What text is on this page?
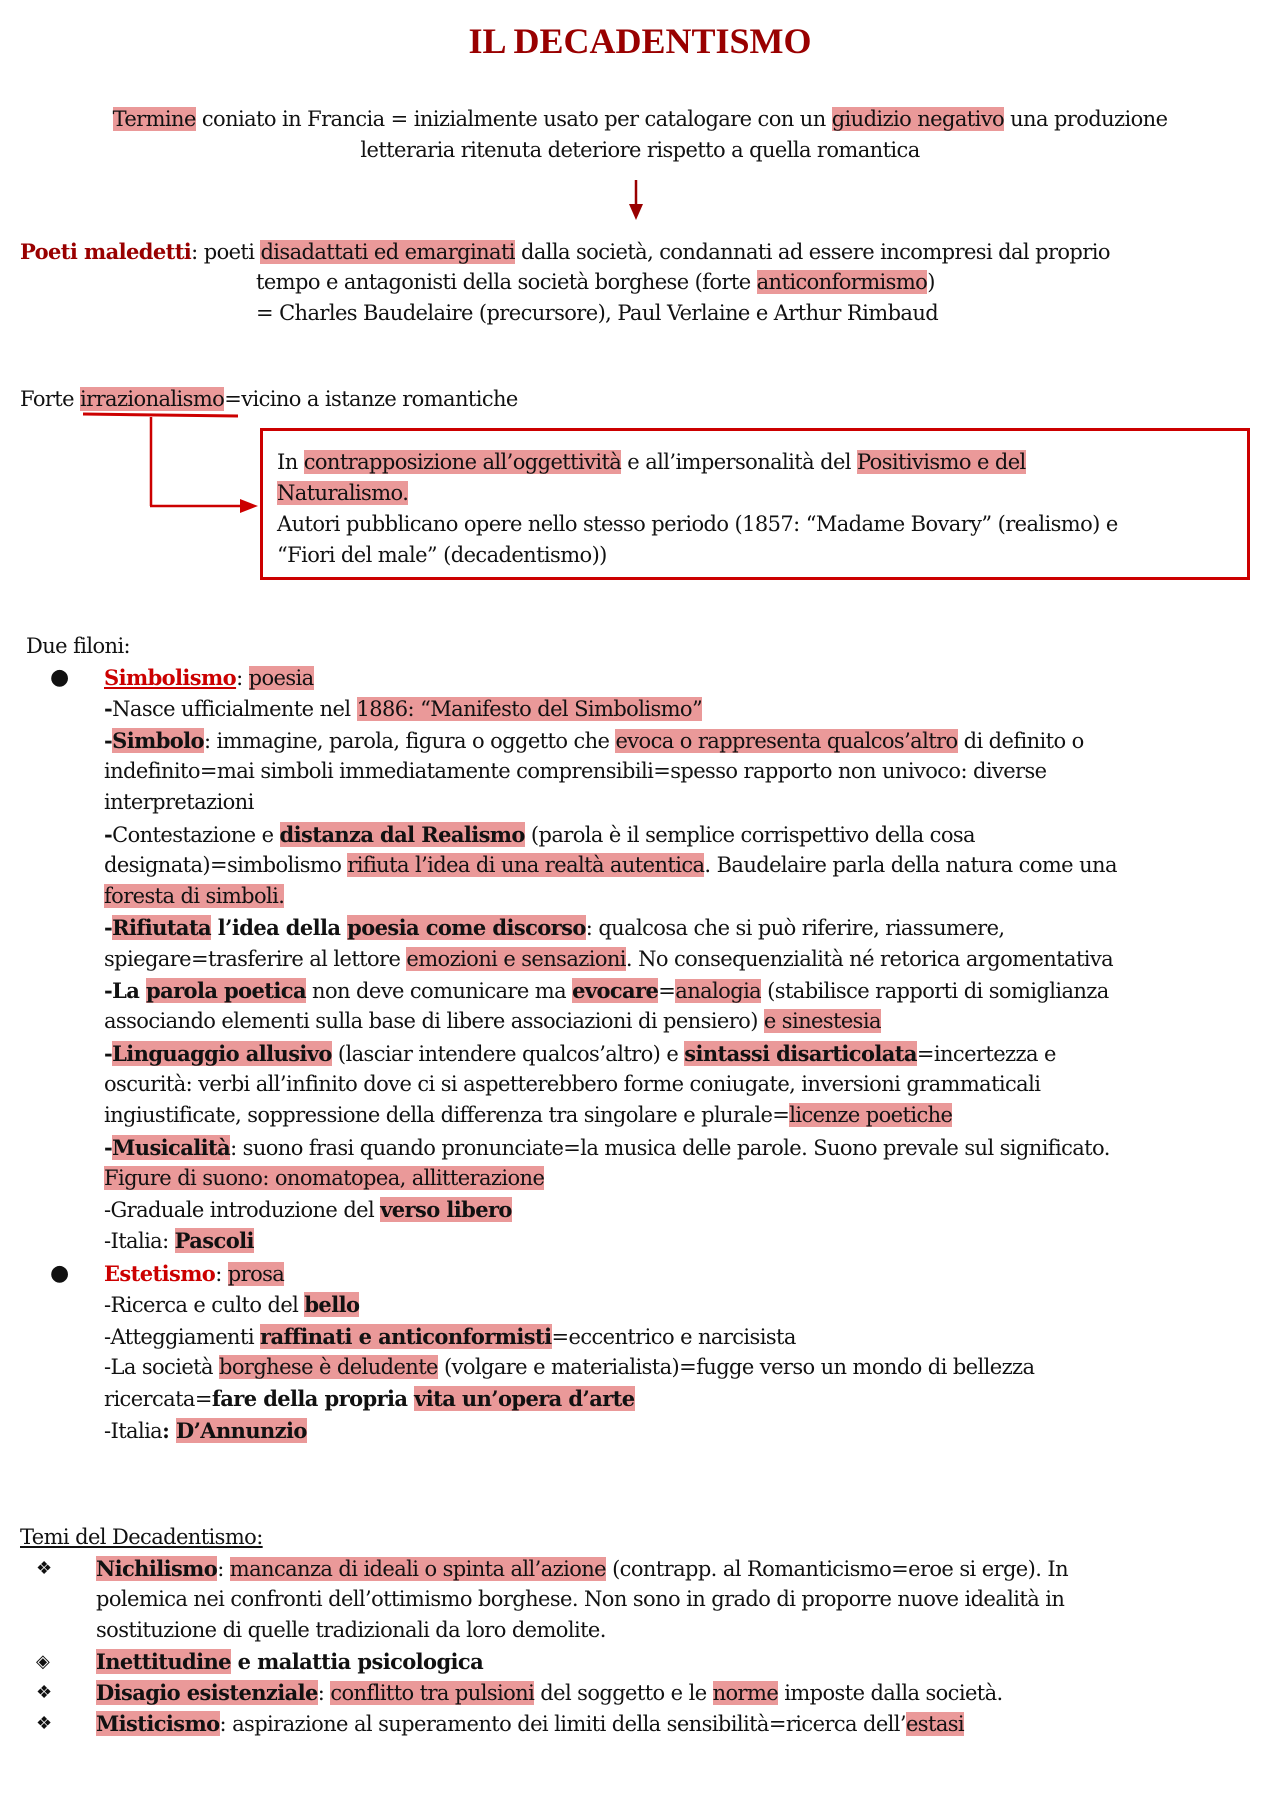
IL DECADENTISMO
Termine coniato in Francia = inizialmente usato per catalogare con un giudizio negativo una produzione
letteraria ritenuta deteriore rispetto a quella romantica
Poeti maledetti: poeti disadattati ed emarginati dalla società, condannati ad essere incompresi dal proprio
tempo e antagonisti della società borghese (forte anticonformismo)
= Charles Baudelaire (precursore), Paul Verlaine e Arthur Rimbaud
Forte irrazionalismo=vicino a istanze romantiche
In contrapposizione all’oggettività e all’impersonalità del Positivismo e del
Naturalismo.
Autori pubblicano opere nello stesso periodo (1857: “Madame Bovary” (realismo) e
“Fiori del male” (decadentismo))
Due filoni:
● Simbolismo: poesia
-Nasce ufficialmente nel 1886: “Manifesto del Simbolismo”
-Simbolo: immagine, parola, figura o oggetto che evoca o rappresenta qualcos’altro di definito o
indefinito=mai simboli immediatamente comprensibili=spesso rapporto non univoco: diverse
interpretazioni
-Contestazione e distanza dal Realismo (parola è il semplice corrispettivo della cosa
designata)=simbolismo rifiuta l’idea di una realtà autentica. Baudelaire parla della natura come una
foresta di simboli.
-Rifiutata l’idea della poesia come discorso: qualcosa che si può riferire, riassumere,
spiegare=trasferire al lettore emozioni e sensazioni. No consequenzialità né retorica argomentativa
-La parola poetica non deve comunicare ma evocare=analogia (stabilisce rapporti di somiglianza
associando elementi sulla base di libere associazioni di pensiero) e sinestesia
-Linguaggio allusivo (lasciar intendere qualcos’altro) e sintassi disarticolata=incertezza e
oscurità: verbi all’infinito dove ci si aspetterebbero forme coniugate, inversioni grammaticali
ingiustificate, soppressione della differenza tra singolare e plurale=licenze poetiche
-Musicalità: suono frasi quando pronunciate=la musica delle parole. Suono prevale sul significato.
Figure di suono: onomatopea, allitterazione
-Graduale introduzione del verso libero
-Italia: Pascoli
● Estetismo: prosa
-Ricerca e culto del bello
-Atteggiamenti raffinati e anticonformisti=eccentrico e narcisista
-La società borghese è deludente (volgare e materialista)=fugge verso un mondo di bellezza
ricercata=fare della propria vita un’opera d’arte
-Italia: D’Annunzio
Temi del Decadentismo:
❖ Nichilismo: mancanza di ideali o spinta all’azione (contrapp. al Romanticismo=eroe si erge). In
polemica nei confronti dell’ottimismo borghese. Non sono in grado di proporre nuove idealità in
sostituzione di quelle tradizionali da loro demolite.
◈ Inettitudine e malattia psicologica
❖ Disagio esistenziale: conflitto tra pulsioni del soggetto e le norme imposte dalla società.
❖ Misticismo: aspirazione al superamento dei limiti della sensibilità=ricerca dell’estasi
